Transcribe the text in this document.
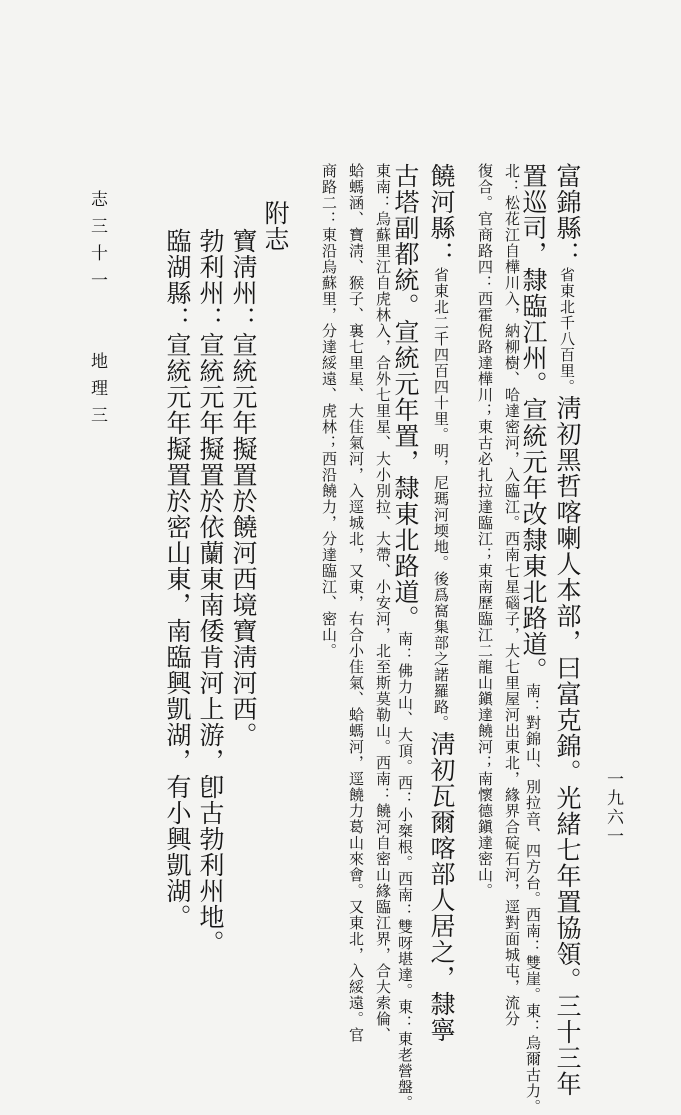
志三十一
地理三
一九六一
富錦縣：省東北千八百里。淸初黑哲喀喇人本部，曰富克錦。光緒七年置協領。三十三年
置巡司，隸臨江州。宣統元年改隸東北路道。南：對錦山、別拉音、四方台。西南：雙崖。東：烏爾古力。
北：松花江自樺川入，納柳樹、哈達密河，入臨江。西南七星碯子，大七里屋河出東北，緣界合碇石河，逕對面城屯，流分
復合。官商路四：西霍倪路達樺川；東古必扎拉達臨江；東南歷臨江二龍山鎭達饒河；南懷德鎭達密山。
饒河縣：省東北二千四百四十里。明，尼瑪河堧地。後爲窩集部之諾羅路。淸初瓦爾喀部人居之，隸寧
古塔副都統。宣統元年置，隸東北路道。南：佛力山、大頂。西：小椉根。西南：雙呀堪達。東：東老營盤。
東南：烏蘇里江自虎林入，合外七里星、大小別拉、大帶、小安河，北至斯莫勒山。西南：饒河自密山緣臨江界，合大索倫、
蛤螞涵、寶淸、猴子、裏七里星、大佳氣河，入逕城北，又東，右合小佳氣、蛤螞河，逕饒力葛山來會。又東北，入綏遠。官
商路二：東沿烏蘇里，分達綏遠、虎林；西沿饒力，分達臨江、密山。
附志
寶淸州：宣統元年擬置於饒河西境寶淸河西。
勃利州：宣統元年擬置於依蘭東南倭肯河上游，卽古勃利州地。
臨湖縣：宣統元年擬置於密山東，南臨興凱湖，有小興凱湖。
